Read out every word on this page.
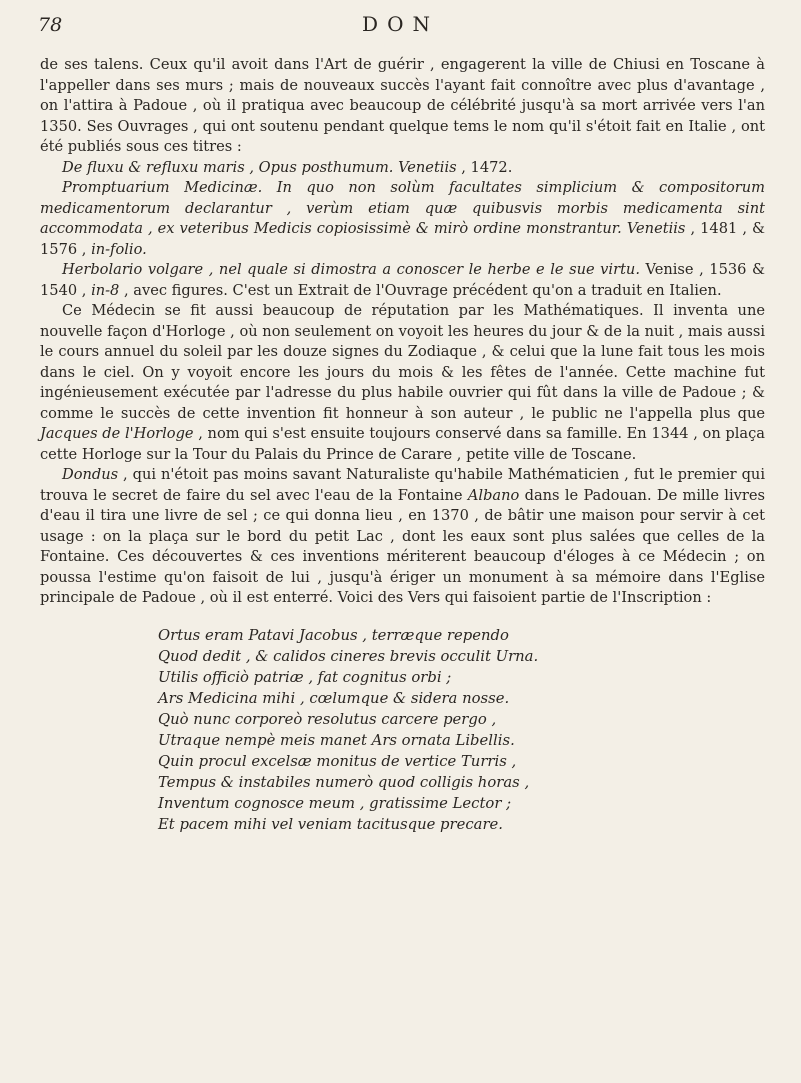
78	DON

de ses talens. Ceux qu'il avoit dans l'Art de guérir , engagerent la ville de Chiusi en Toscane à l'appeller dans ses murs ; mais de nouveaux succès l'ayant fait connoître avec plus d'avantage , on l'attira à Padoue , où il pratiqua avec beaucoup de célébrité jusqu'à sa mort arrivée vers l'an 1350. Ses Ouvrages , qui ont soutenu pendant quelque tems le nom qu'il s'étoit fait en Italie , ont été publiés sous ces titres :

De fluxu & refluxu maris , Opus posthumum. Venetiis , 1472.

Promptuarium Medicinæ. In quo non solùm facultates simplicium & compositorum medicamentorum declarantur , verùm etiam quæ quibusvis morbis medicamenta sint accommodata , ex veteribus Medicis copiosissimè & mirò ordine monstrantur. Venetiis , 1481 , & 1576 , in-folio.

Herbolario volgare , nel quale si dimostra a conoscer le herbe e le sue virtu. Venise , 1536 & 1540 , in-8 , avec figures. C'est un Extrait de l'Ouvrage précédent qu'on a traduit en Italien.

Ce Médecin se fit aussi beaucoup de réputation par les Mathématiques. Il inventa une nouvelle façon d'Horloge , où non seulement on voyoit les heures du jour & de la nuit , mais aussi le cours annuel du soleil par les douze signes du Zodiaque , & celui que la lune fait tous les mois dans le ciel. On y voyoit encore les jours du mois & les fêtes de l'année. Cette machine fut ingénieusement exécutée par l'adresse du plus habile ouvrier qui fût dans la ville de Padoue ; & comme le succès de cette invention fit honneur à son auteur , le public ne l'appella plus que Jacques de l'Horloge , nom qui s'est ensuite toujours conservé dans sa famille. En 1344 , on plaça cette Horloge sur la Tour du Palais du Prince de Carare , petite ville de Toscane.

Dondus , qui n'étoit pas moins savant Naturaliste qu'habile Mathématicien , fut le premier qui trouva le secret de faire du sel avec l'eau de la Fontaine Albano dans le Padouan. De mille livres d'eau il tira une livre de sel ; ce qui donna lieu , en 1370 , de bâtir une maison pour servir à cet usage : on la plaça sur le bord du petit Lac , dont les eaux sont plus salées que celles de la Fontaine. Ces découvertes & ces inventions mériterent beaucoup d'éloges à ce Médecin ; on poussa l'estime qu'on faisoit de lui , jusqu'à ériger un monument à sa mémoire dans l'Eglise principale de Padoue , où il est enterré. Voici des Vers qui faisoient partie de l'Inscription :

Ortus eram Patavi Jacobus , terræque rependo
Quod dedit , & calidos cineres brevis occulit Urna.
Utilis officiò patriæ , fat cognitus orbi ;
Ars Medicina mihi , cœlumque & sidera nosse.
Quò nunc corporeò resolutus carcere pergo ,
Utraque nempè meis manet Ars ornata Libellis.
Quin procul excelsæ monitus de vertice Turris ,
Tempus & instabiles numerò quod colligis horas ,
Inventum cognosce meum , gratissime Lector ;
Et pacem mihi vel veniam tacitusque precare.
